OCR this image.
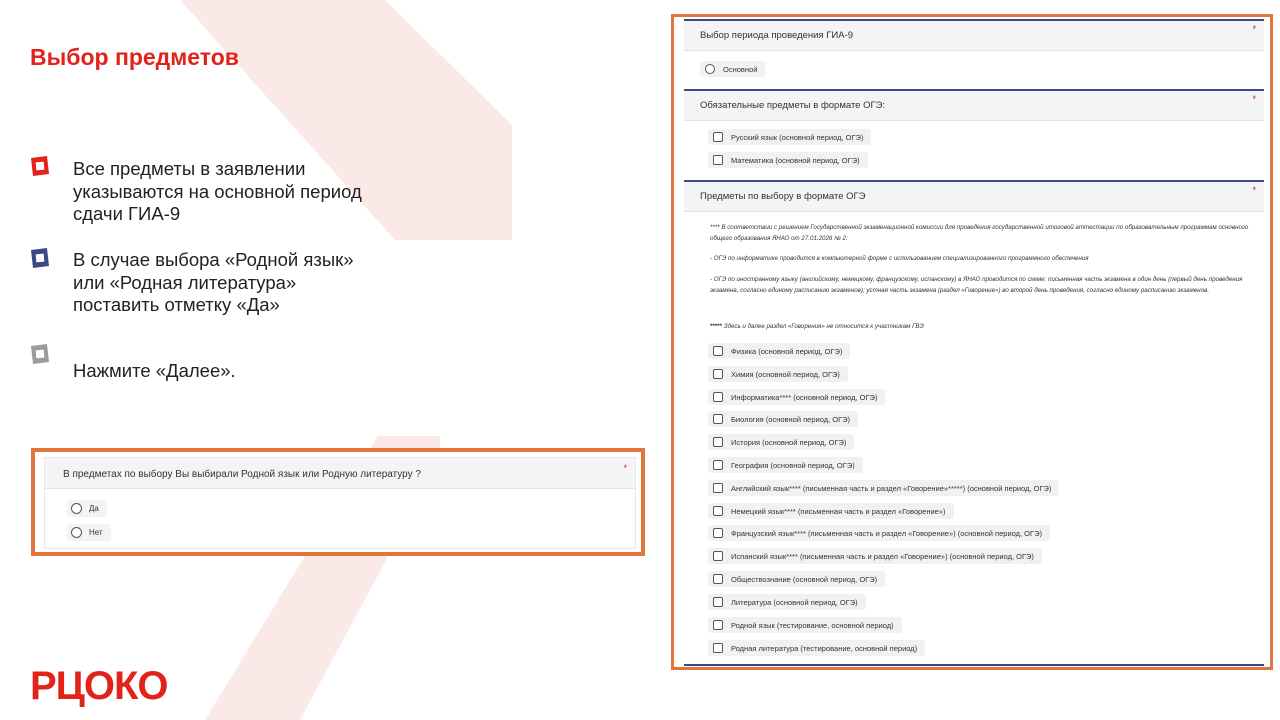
Выбор предметов
Все предметы в заявлении указываются на основной период сдачи ГИА-9
В случае выбора «Родной язык» или «Родная литература» поставить отметку «Да»
Нажмите «Далее».
В предметах по выбору Вы выбирали Родной язык или Родную литературу ?
*
Да
Нет
РЦОКО
Выбор периода проведения ГИА-9
*
Основной
Обязательные предметы в формате ОГЭ:
*
Русский язык (основной период, ОГЭ)
Математика (основной период, ОГЭ)
Предметы по выбору в формате ОГЭ
*
**** В соответствии с решением Государственной экзаменационной комиссии для проведения государственной итоговой аттестации по образовательным программам основного общего образования ЯНАО от 27.01.2026 № 2:
- ОГЭ по информатике проводится в компьютерной форме с использованием специализированного программного обеспечения
- ОГЭ по иностранному языку (английскому, немецкому, французскому, испанскому) в ЯНАО проводится по схеме: письменная часть экзамена в один день (первый день проведения экзамена, согласно единому расписанию экзаменов); устная часть экзамена (раздел «Говорение») во второй день проведения, согласно единому расписанию экзаменов.
***** Здесь и далее раздел «Говорения» не относится к участникам ГВЭ
Физика (основной период, ОГЭ)
Химия (основной период, ОГЭ)
Информатика**** (основной период, ОГЭ)
Биология (основной период, ОГЭ)
История (основной период, ОГЭ)
География (основной период, ОГЭ)
Английский язык**** (письменная часть и раздел «Говорение»*****) (основной период, ОГЭ)
Немецкий язык**** (письменная часть и раздел «Говорение»)
Французский язык**** (письменная часть и раздел «Говорение») (основной период, ОГЭ)
Испанский язык**** (письменная часть и раздел «Говорение») (основной период, ОГЭ)
Обществознание (основной период, ОГЭ)
Литература (основной период, ОГЭ)
Родной язык (тестирование, основной период)
Родная литература (тестирование, основной период)
